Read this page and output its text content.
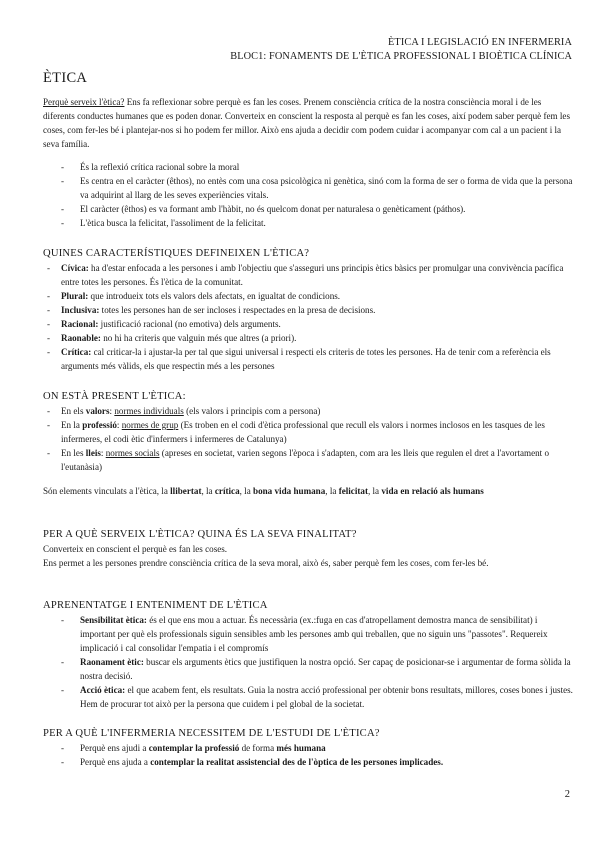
ÈTICA I LEGISLACIÓ EN INFERMERIA
BLOC1: FONAMENTS DE L'ÈTICA PROFESSIONAL I BIOÈTICA CLÍNICA
ÈTICA

Perquè serveix l'ètica? Ens fa reflexionar sobre perquè es fan les coses. Prenem consciència crítica de la nostra consciència moral i de les diferents conductes humanes que es poden donar. Converteix en conscient la resposta al perquè es fan les coses, així podem saber perquè fem les coses, com fer-les bé i plantejar-nos si ho podem fer millor. Això ens ajuda a decidir com podem cuidar i acompanyar com cal a un pacient i la seva família.

- És la reflexió crítica racional sobre la moral
- Es centra en el caràcter (êthos), no entès com una cosa psicològica ni genètica, sinó com la forma de ser o forma de vida que la persona va adquirint al llarg de les seves experiències vitals.
- El caràcter (êthos) es va formant amb l'hàbit, no és quelcom donat per naturalesa o genèticament (páthos).
- L'ètica busca la felicitat, l'assoliment de la felicitat.
QUINES CARACTERÍSTIQUES DEFINEIXEN L'ÈTICA?
- Cívica: ha d'estar enfocada a les persones i amb l'objectiu que s'asseguri uns principis ètics bàsics per promulgar una convivència pacífica entre totes les persones. És l'ètica de la comunitat.
- Plural: que introdueix tots els valors dels afectats, en igualtat de condicions.
- Inclusiva: totes les persones han de ser incloses i respectades en la presa de decisions.
- Racional: justificació racional (no emotiva) dels arguments.
- Raonable: no hi ha criteris que valguin més que altres (a priori).
- Crítica: cal criticar-la i ajustar-la per tal que sigui universal i respecti els criteris de totes les persones. Ha de tenir com a referència els arguments més vàlids, els que respectin més a les persones
ON ESTÀ PRESENT L'ÈTICA:
- En els valors: normes individuals (els valors i principis com a persona)
- En la professió: normes de grup (Es troben en el codi d'ètica professional que recull els valors i normes inclosos en les tasques de les infermeres, el codi ètic d'infermers i infermeres de Catalunya)
- En les lleis: normes socials (apreses en societat, varien segons l'època i s'adapten, com ara les lleis que regulen el dret a l'avortament o l'eutanàsia)

Són elements vinculats a l'ètica, la llibertat, la crítica, la bona vida humana, la felicitat, la vida en relació als humans

PER A QUÈ SERVEIX L'ÈTICA? QUINA ÉS LA SEVA FINALITAT?

Converteix en conscient el perquè es fan les coses.

Ens permet a les persones prendre consciència crítica de la seva moral, això és, saber perquè fem les coses, com fer-les bé.

APRENENTATGE I ENTENIMENT DE L'ÈTICA
- Sensibilitat ètica: és el que ens mou a actuar. És necessària (ex.:fuga en cas d'atropellament demostra manca de sensibilitat) i important per què els professionals siguin sensibles amb les persones amb qui treballen, que no siguin uns "passotes". Requereix implicació i cal consolidar l'empatia i el compromís
- Raonament ètic: buscar els arguments ètics que justifiquen la nostra opció. Ser capaç de posicionar-se i argumentar de forma sòlida la nostra decisió.
- Acció ètica: el que acabem fent, els resultats. Guia la nostra acció professional per obtenir bons resultats, millores, coses bones i justes. Hem de procurar tot això per la persona que cuidem i pel global de la societat.
PER A QUÈ L'INFERMERIA NECESSITEM DE L'ESTUDI DE L'ÈTICA?
- Perquè ens ajudi a contemplar la professió de forma més humana
- Perquè ens ajuda a contemplar la realitat assistencial des de l'òptica de les persones implicades.
2
